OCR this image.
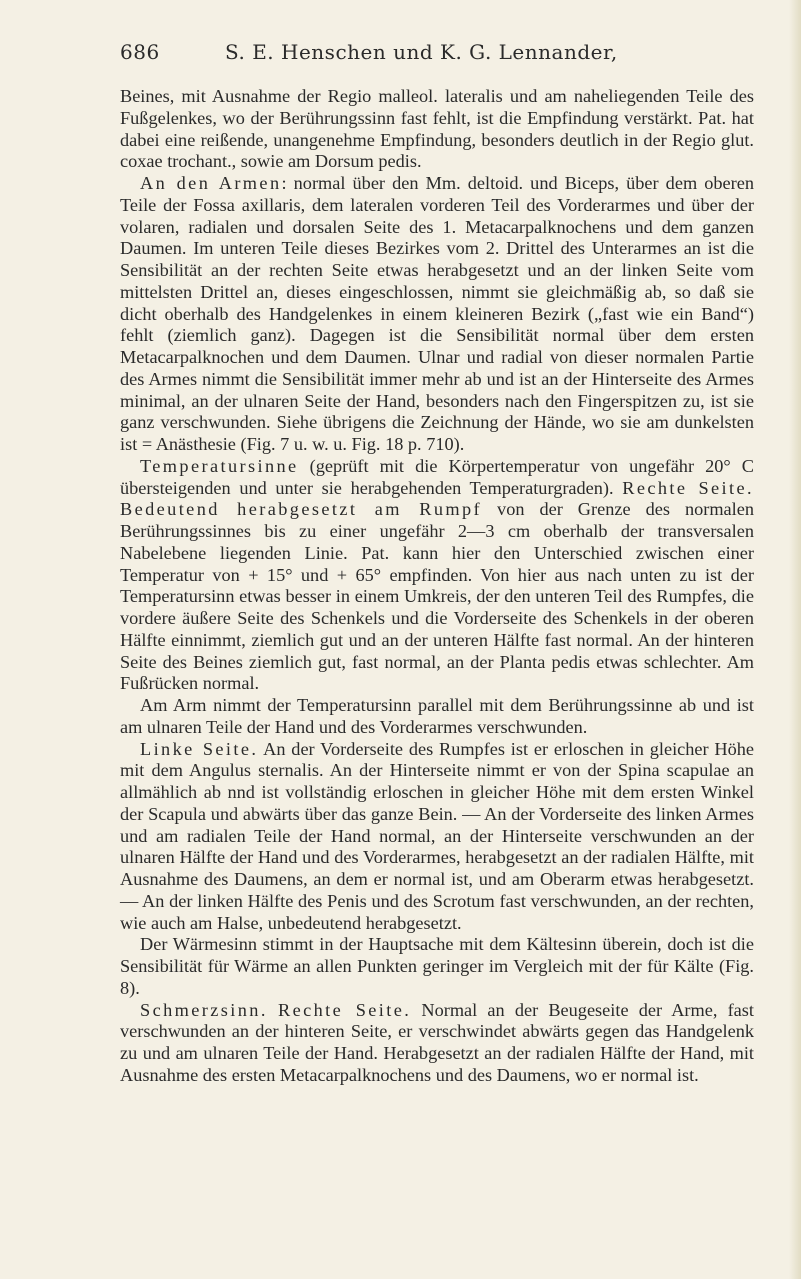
686	S. E. Henschen und K. G. Lennander,

Beines, mit Ausnahme der Regio malleol. lateralis und am naheliegenden Teile des Fußgelenkes, wo der Berührungssinn fast fehlt, ist die Empfindung verstärkt. Pat. hat dabei eine reißende, unangenehme Empfindung, besonders deutlich in der Regio glut. coxae trochant., sowie am Dorsum pedis.

An den Armen: normal über den Mm. deltoid. und Biceps, über dem oberen Teile der Fossa axillaris, dem lateralen vorderen Teil des Vorderarmes und über der volaren, radialen und dorsalen Seite des 1. Metacarpalknochens und dem ganzen Daumen. Im unteren Teile dieses Bezirkes vom 2. Drittel des Unterarmes an ist die Sensibilität an der rechten Seite etwas herabgesetzt und an der linken Seite vom mittelsten Drittel an, dieses eingeschlossen, nimmt sie gleichmäßig ab, so daß sie dicht oberhalb des Handgelenkes in einem kleineren Bezirk („fast wie ein Band“) fehlt (ziemlich ganz). Dagegen ist die Sensibilität normal über dem ersten Metacarpalknochen und dem Daumen. Ulnar und radial von dieser normalen Partie des Armes nimmt die Sensibilität immer mehr ab und ist an der Hinterseite des Armes minimal, an der ulnaren Seite der Hand, besonders nach den Fingerspitzen zu, ist sie ganz verschwunden. Siehe übrigens die Zeichnung der Hände, wo sie am dunkelsten ist = Anästhesie (Fig. 7 u. w. u. Fig. 18 p. 710).

Temperatursinne (geprüft mit die Körpertemperatur von ungefähr 20° C übersteigenden und unter sie herabgehenden Temperaturgraden). Rechte Seite. Bedeutend herabgesetzt am Rumpf von der Grenze des normalen Berührungssinnes bis zu einer ungefähr 2—3 cm oberhalb der transversalen Nabelebene liegenden Linie. Pat. kann hier den Unterschied zwischen einer Temperatur von + 15° und + 65° empfinden. Von hier aus nach unten zu ist der Temperatursinn etwas besser in einem Umkreis, der den unteren Teil des Rumpfes, die vordere äußere Seite des Schenkels und die Vorderseite des Schenkels in der oberen Hälfte einnimmt, ziemlich gut und an der unteren Hälfte fast normal. An der hinteren Seite des Beines ziemlich gut, fast normal, an der Planta pedis etwas schlechter. Am Fußrücken normal.

Am Arm nimmt der Temperatursinn parallel mit dem Berührungssinne ab und ist am ulnaren Teile der Hand und des Vorderarmes verschwunden.

Linke Seite. An der Vorderseite des Rumpfes ist er erloschen in gleicher Höhe mit dem Angulus sternalis. An der Hinterseite nimmt er von der Spina scapulae an allmählich ab nnd ist vollständig erloschen in gleicher Höhe mit dem ersten Winkel der Scapula und abwärts über das ganze Bein. — An der Vorderseite des linken Armes und am radialen Teile der Hand normal, an der Hinterseite verschwunden an der ulnaren Hälfte der Hand und des Vorderarmes, herabgesetzt an der radialen Hälfte, mit Ausnahme des Daumens, an dem er normal ist, und am Oberarm etwas herabgesetzt. — An der linken Hälfte des Penis und des Scrotum fast verschwunden, an der rechten, wie auch am Halse, unbedeutend herabgesetzt.

Der Wärmesinn stimmt in der Hauptsache mit dem Kältesinn überein, doch ist die Sensibilität für Wärme an allen Punkten geringer im Vergleich mit der für Kälte (Fig. 8).

Schmerzsinn. Rechte Seite. Normal an der Beugeseite der Arme, fast verschwunden an der hinteren Seite, er verschwindet abwärts gegen das Handgelenk zu und am ulnaren Teile der Hand. Herabgesetzt an der radialen Hälfte der Hand, mit Ausnahme des ersten Metacarpalknochens und des Daumens, wo er normal ist.
